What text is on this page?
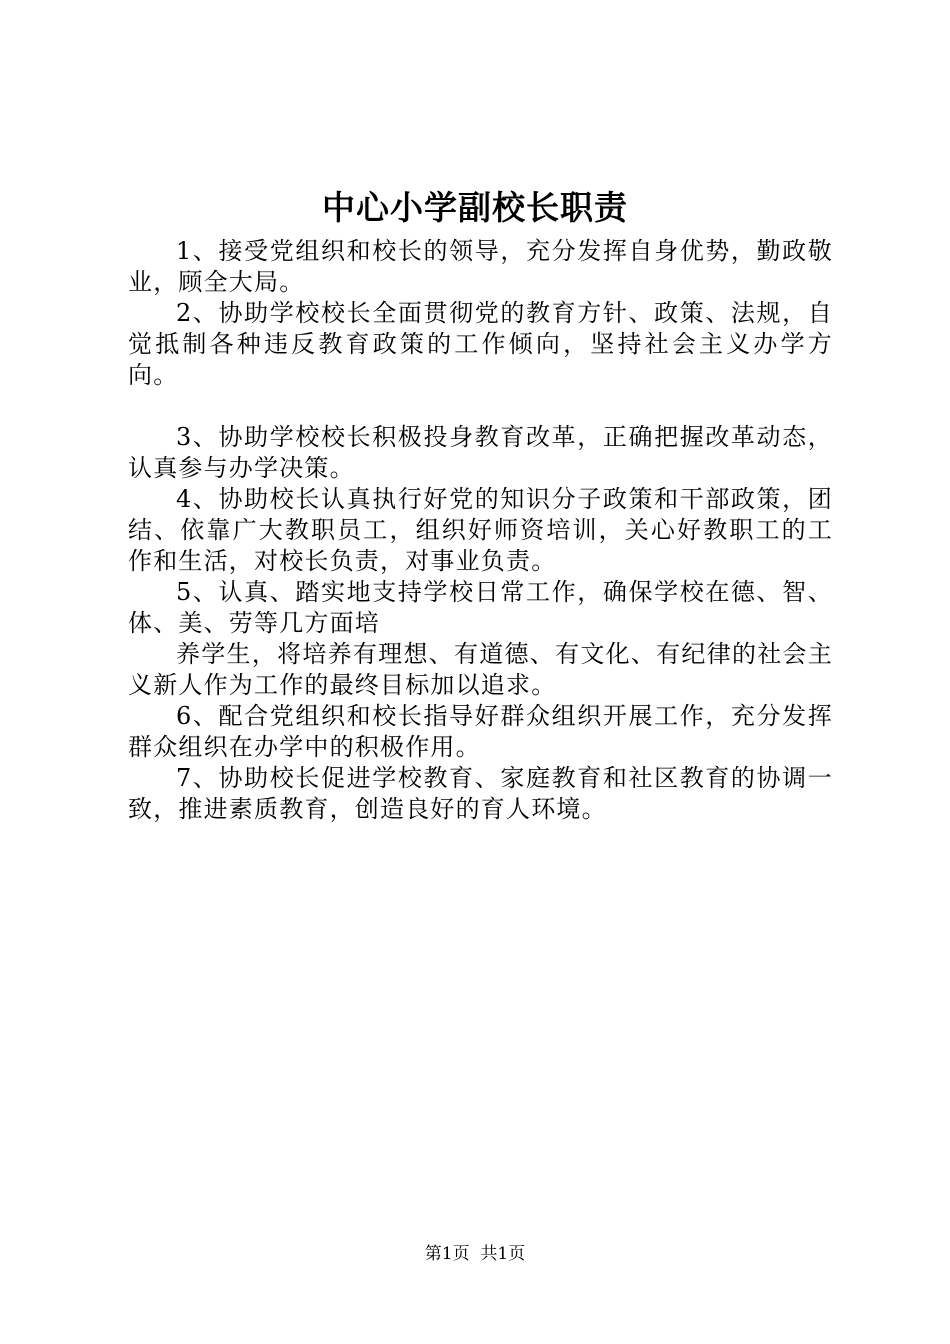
中心小学副校长职责

1、接受党组织和校长的领导，充分发挥自身优势，勤政敬业，顾全大局。

2、协助学校校长全面贯彻党的教育方针、政策、法规，自觉抵制各种违反教育政策的工作倾向，坚持社会主义办学方向。

3、协助学校校长积极投身教育改革，正确把握改革动态，认真参与办学决策。

4、协助校长认真执行好党的知识分子政策和干部政策，团结、依靠广大教职员工，组织好师资培训，关心好教职工的工作和生活，对校长负责，对事业负责。

5、认真、踏实地支持学校日常工作，确保学校在德、智、体、美、劳等几方面培

养学生，将培养有理想、有道德、有文化、有纪律的社会主义新人作为工作的最终目标加以追求。

6、配合党组织和校长指导好群众组织开展工作，充分发挥群众组织在办学中的积极作用。

7、协助校长促进学校教育、家庭教育和社区教育的协调一致，推进素质教育，创造良好的育人环境。

第1页  共1页
